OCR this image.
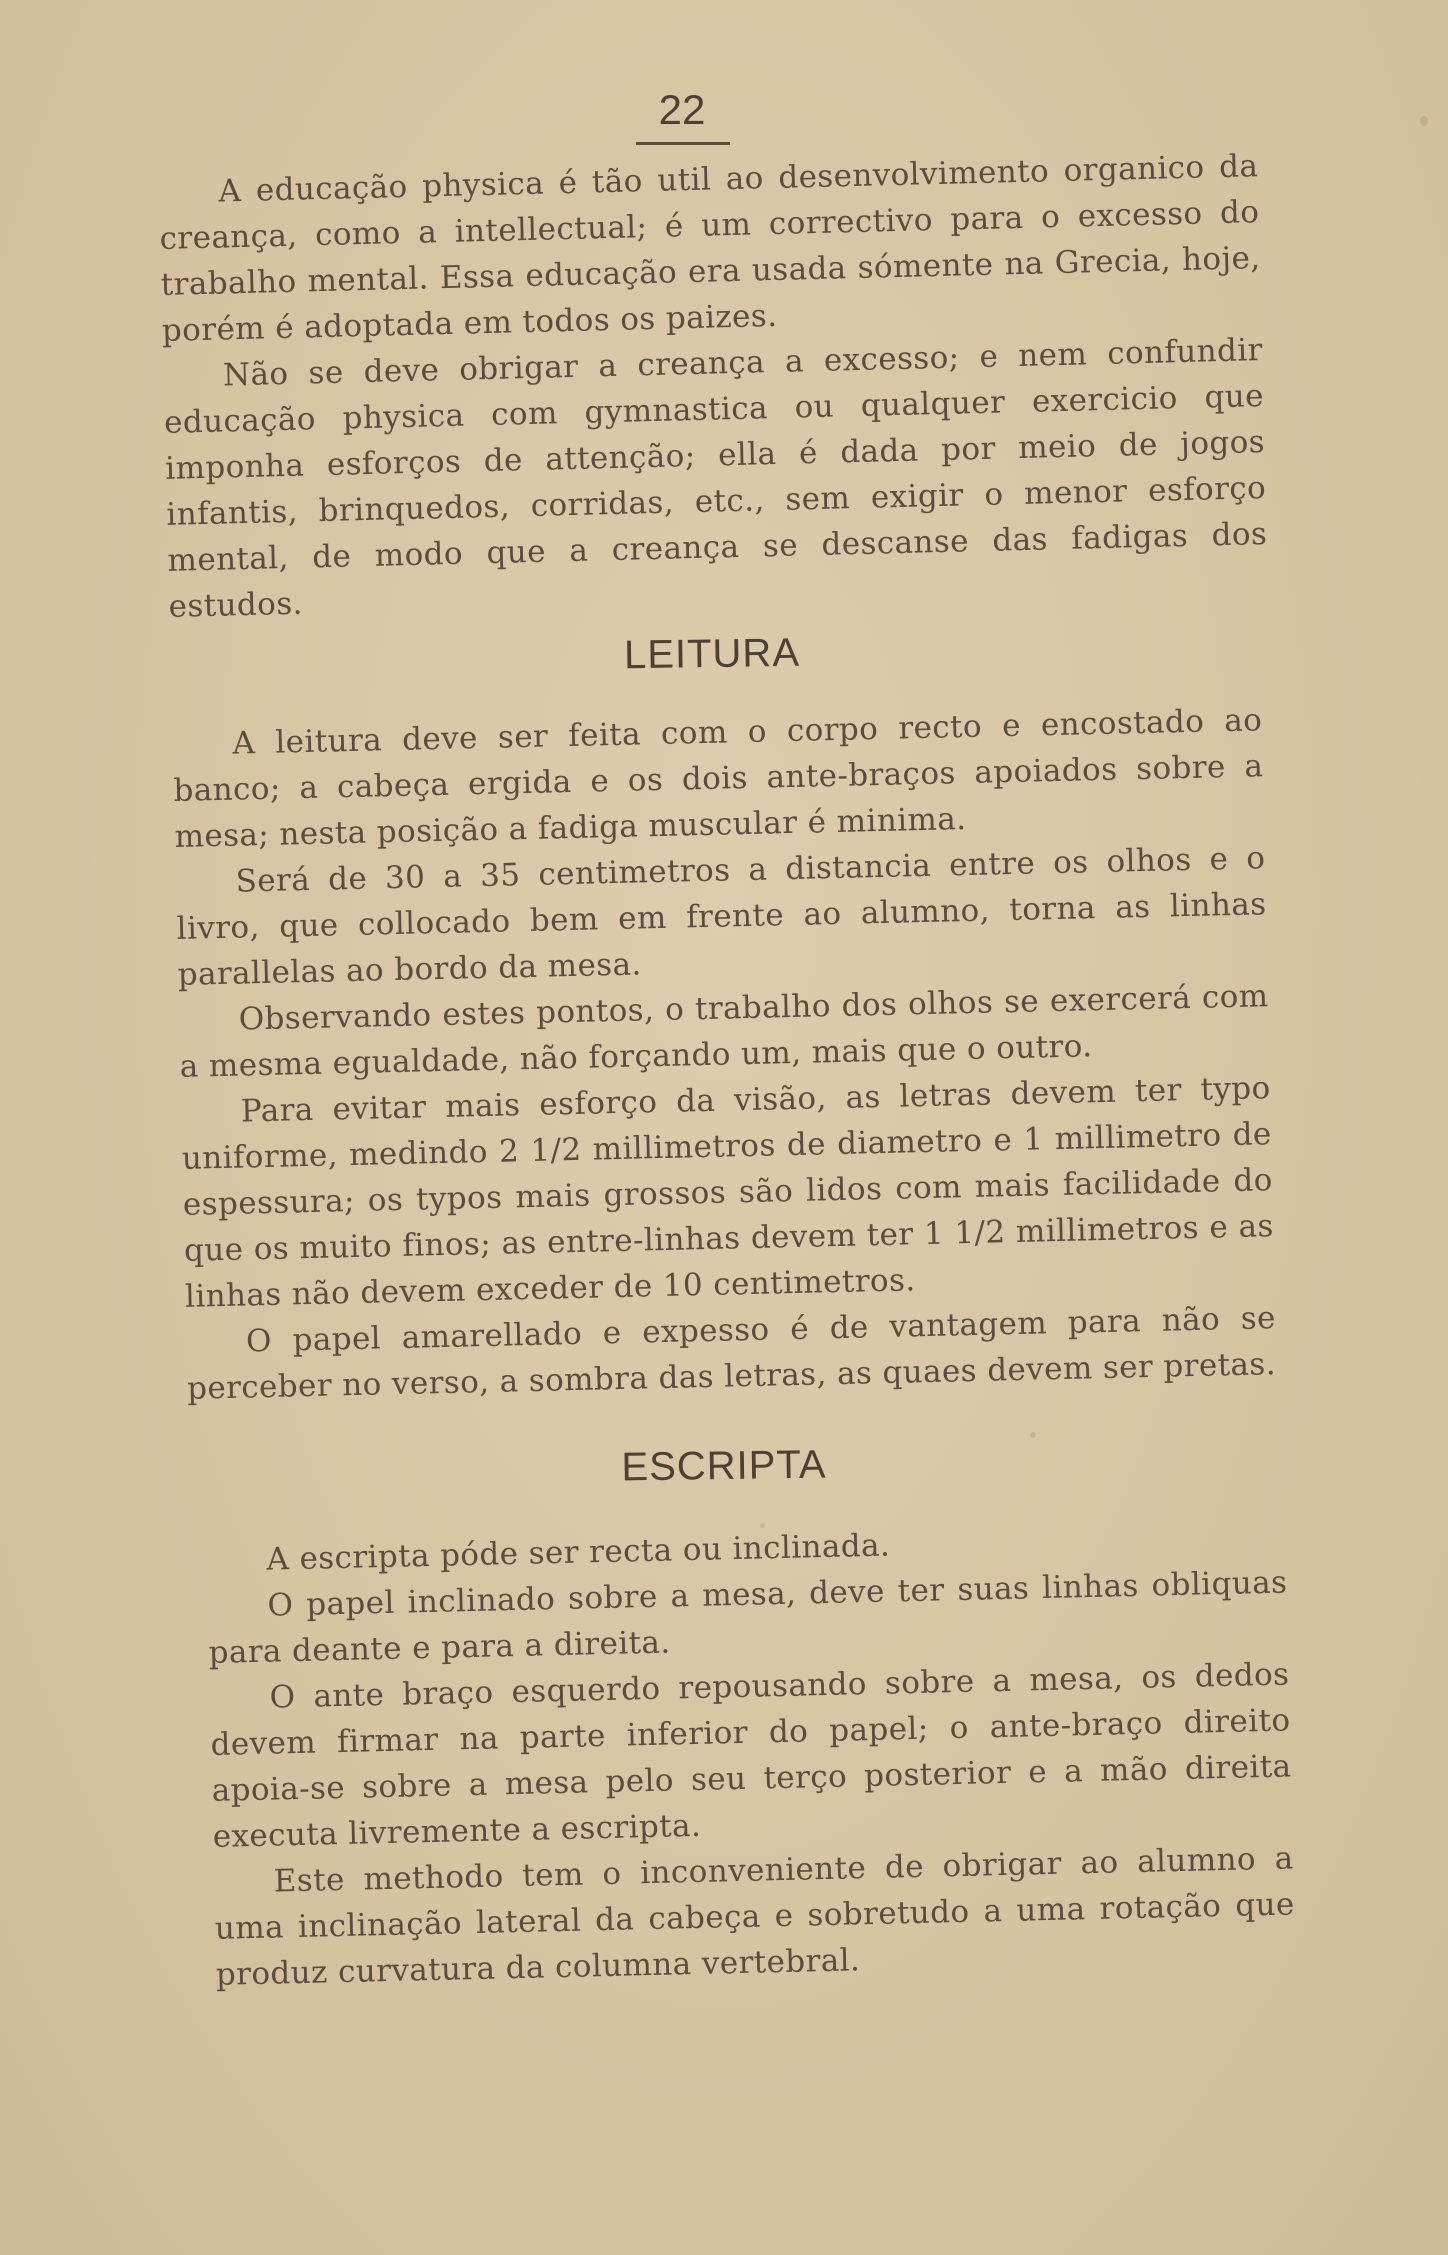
22

A educação physica é tão util ao desenvolvimento organico da creança, como a intellectual; é um correctivo para o excesso do trabalho mental. Essa educação era usada sómente na Grecia, hoje, porém é adoptada em todos os paizes.

Não se deve obrigar a creança a excesso; e nem confundir educação physica com gymnastica ou qualquer exercicio que imponha esforços de attenção; ella é dada por meio de jogos infantis, brinquedos, corridas, etc., sem exigir o menor esforço mental, de modo que a creança se descanse das fadigas dos estudos.

LEITURA

A leitura deve ser feita com o corpo recto e encostado ao banco; a cabeça ergida e os dois ante-braços apoiados sobre a mesa; nesta posição a fadiga muscular é minima.

Será de 30 a 35 centimetros a distancia entre os olhos e o livro, que collocado bem em frente ao alumno, torna as linhas parallelas ao bordo da mesa.

Observando estes pontos, o trabalho dos olhos se exercerá com a mesma egualdade, não forçando um, mais que o outro.

Para evitar mais esforço da visão, as letras devem ter typo uniforme, medindo 2 1/2 millimetros de diametro e 1 millimetro de espessura; os typos mais grossos são lidos com mais facilidade do que os muito finos; as entre-linhas devem ter 1 1/2 millimetros e as linhas não devem exceder de 10 centimetros.

O papel amarellado e expesso é de vantagem para não se perceber no verso, a sombra das letras, as quaes devem ser pretas.

ESCRIPTA

A escripta póde ser recta ou inclinada.

O papel inclinado sobre a mesa, deve ter suas linhas obliquas para deante e para a direita.

O ante braço esquerdo repousando sobre a mesa, os dedos devem firmar na parte inferior do papel; o ante-braço direito apoia-se sobre a mesa pelo seu terço posterior e a mão direita executa livremente a escripta.

Este methodo tem o inconveniente de obrigar ao alumno a uma inclinação lateral da cabeça e sobretudo a uma rotação que produz curvatura da columna vertebral.
